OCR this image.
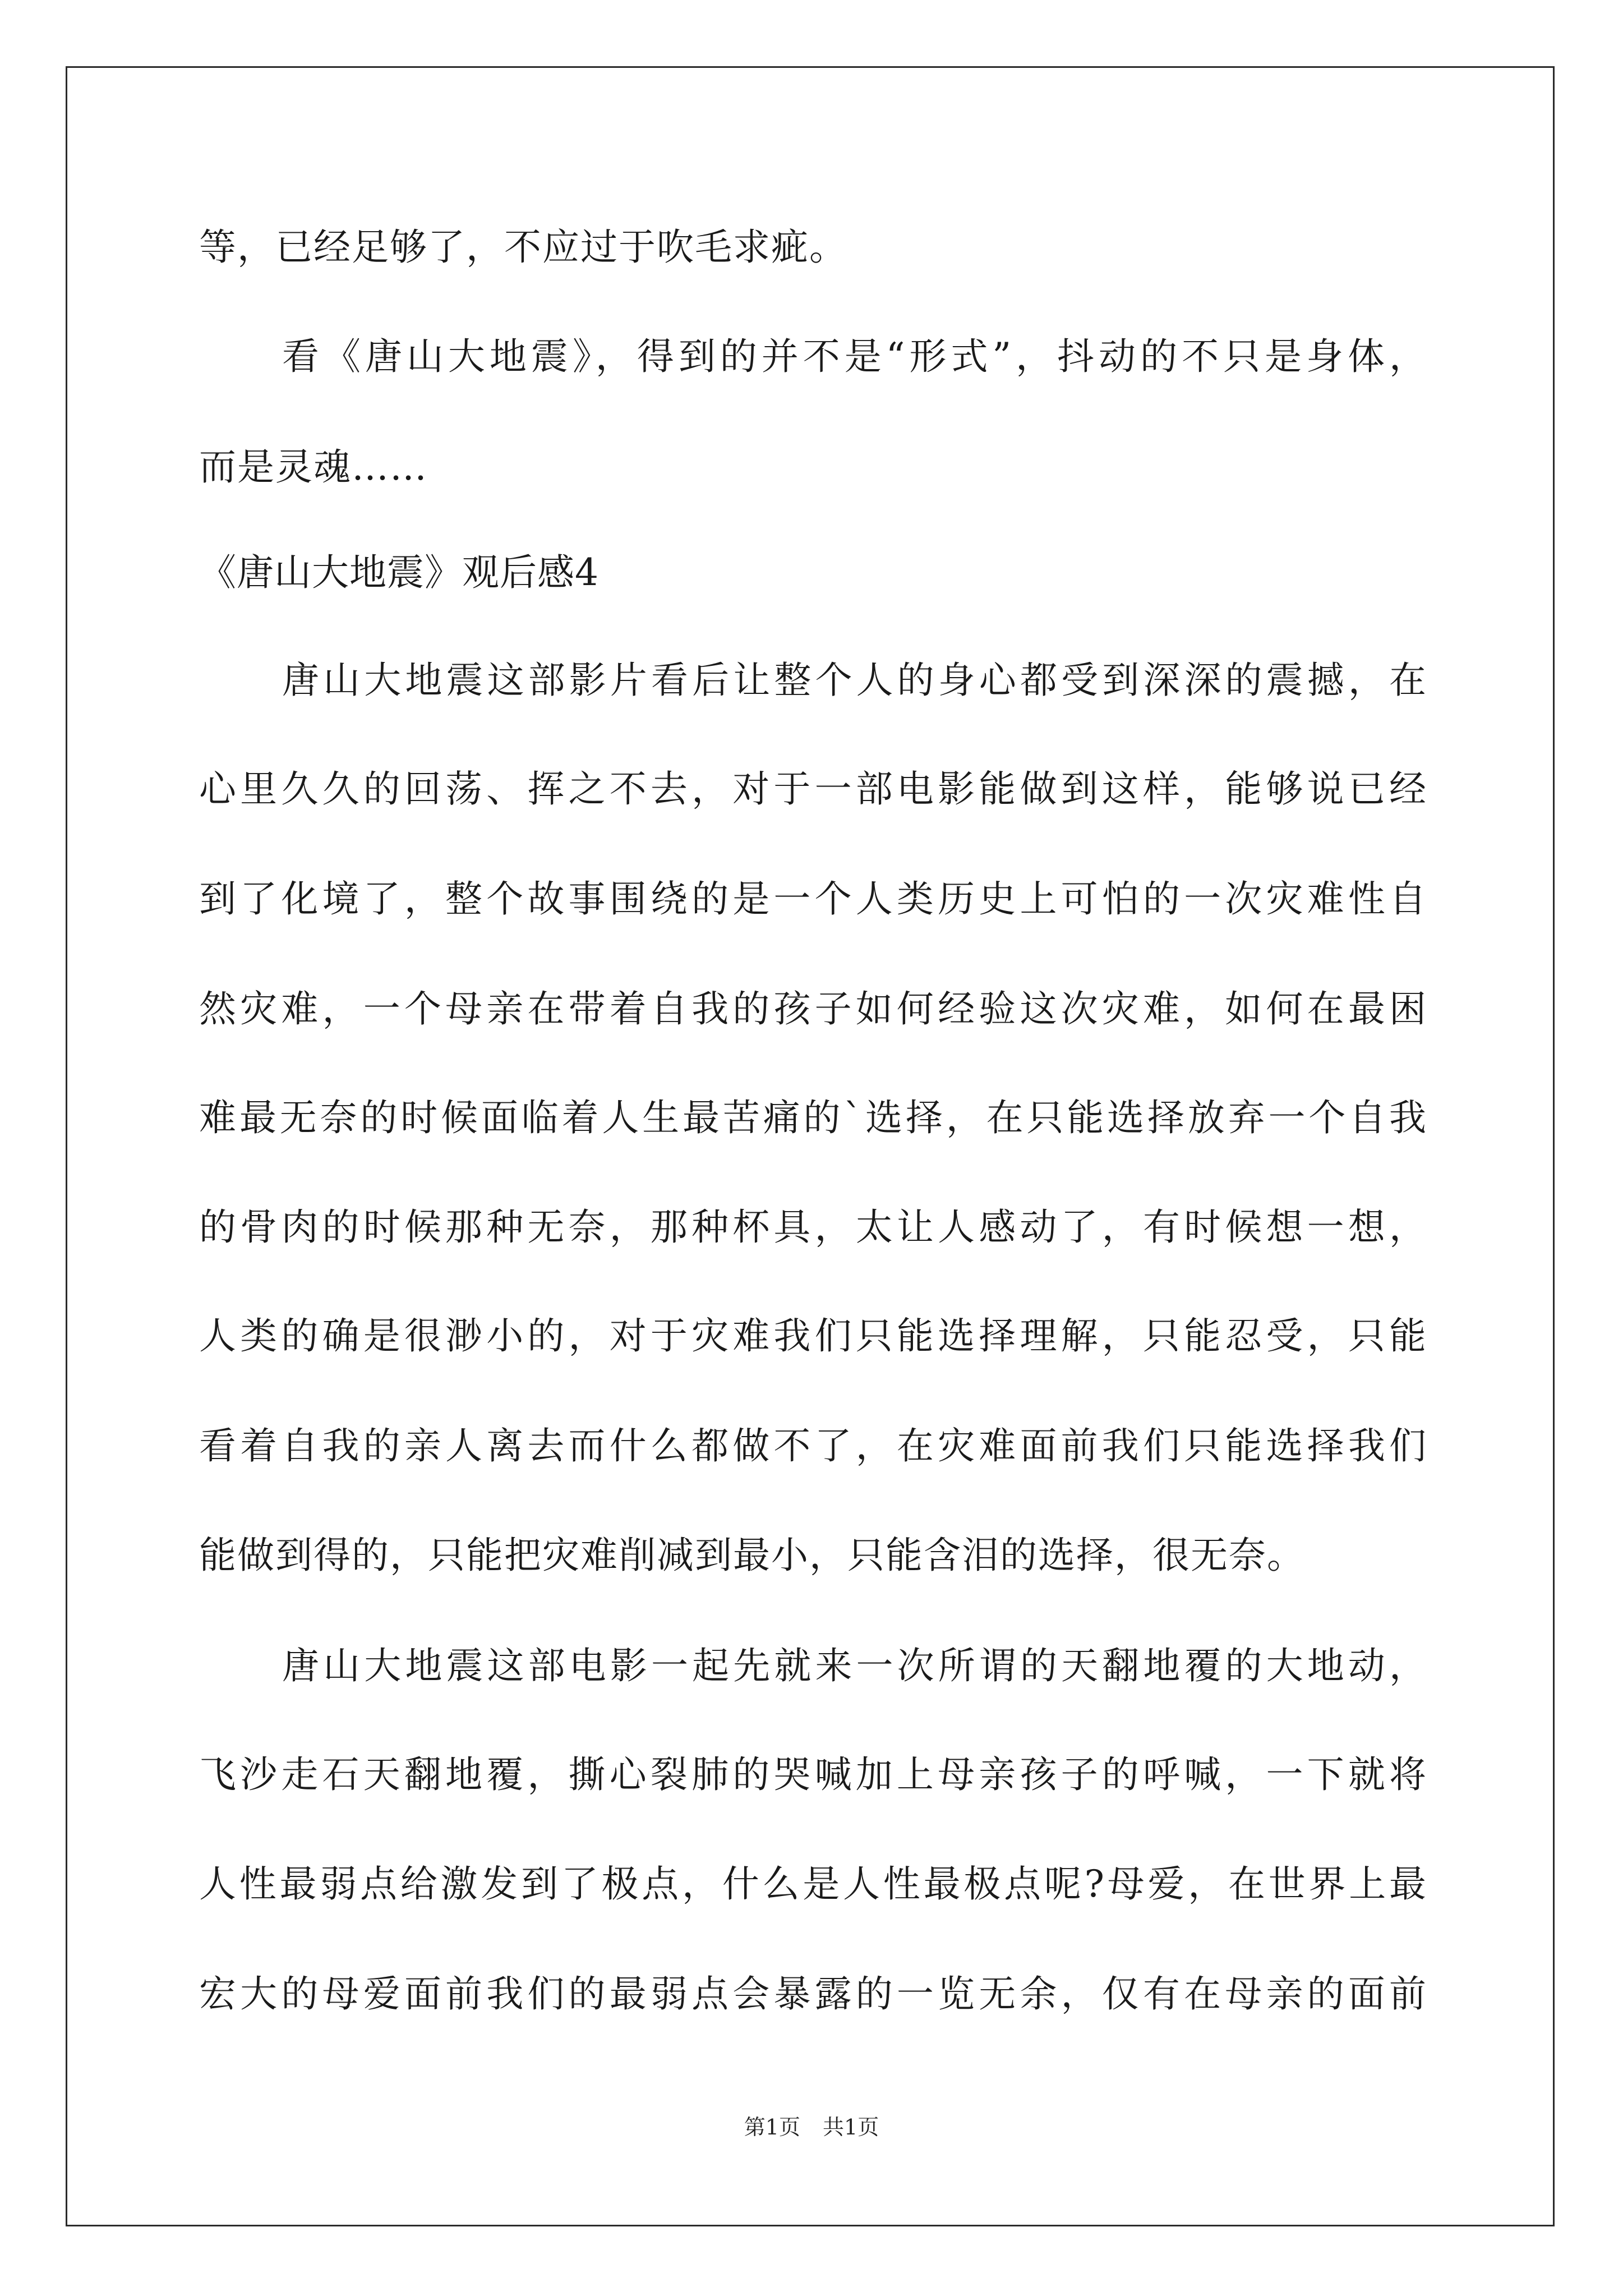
等，已经足够了，不应过于吹毛求疵。
看《唐山大地震》，得到的并不是“形式”，抖动的不只是身体，
而是灵魂……
《唐山大地震》观后感4
唐山大地震这部影片看后让整个人的身心都受到深深的震撼，在
心里久久的回荡、挥之不去，对于一部电影能做到这样，能够说已经
到了化境了，整个故事围绕的是一个人类历史上可怕的一次灾难性自
然灾难，一个母亲在带着自我的孩子如何经验这次灾难，如何在最困
难最无奈的时候面临着人生最苦痛的`选择，在只能选择放弃一个自我
的骨肉的时候那种无奈，那种杯具，太让人感动了，有时候想一想，
人类的确是很渺小的，对于灾难我们只能选择理解，只能忍受，只能
看着自我的亲人离去而什么都做不了，在灾难面前我们只能选择我们
能做到得的，只能把灾难削减到最小，只能含泪的选择，很无奈。
唐山大地震这部电影一起先就来一次所谓的天翻地覆的大地动，
飞沙走石天翻地覆，撕心裂肺的哭喊加上母亲孩子的呼喊，一下就将
人性最弱点给激发到了极点，什么是人性最极点呢?母爱，在世界上最
宏大的母爱面前我们的最弱点会暴露的一览无余，仅有在母亲的面前
第1页 共1页
